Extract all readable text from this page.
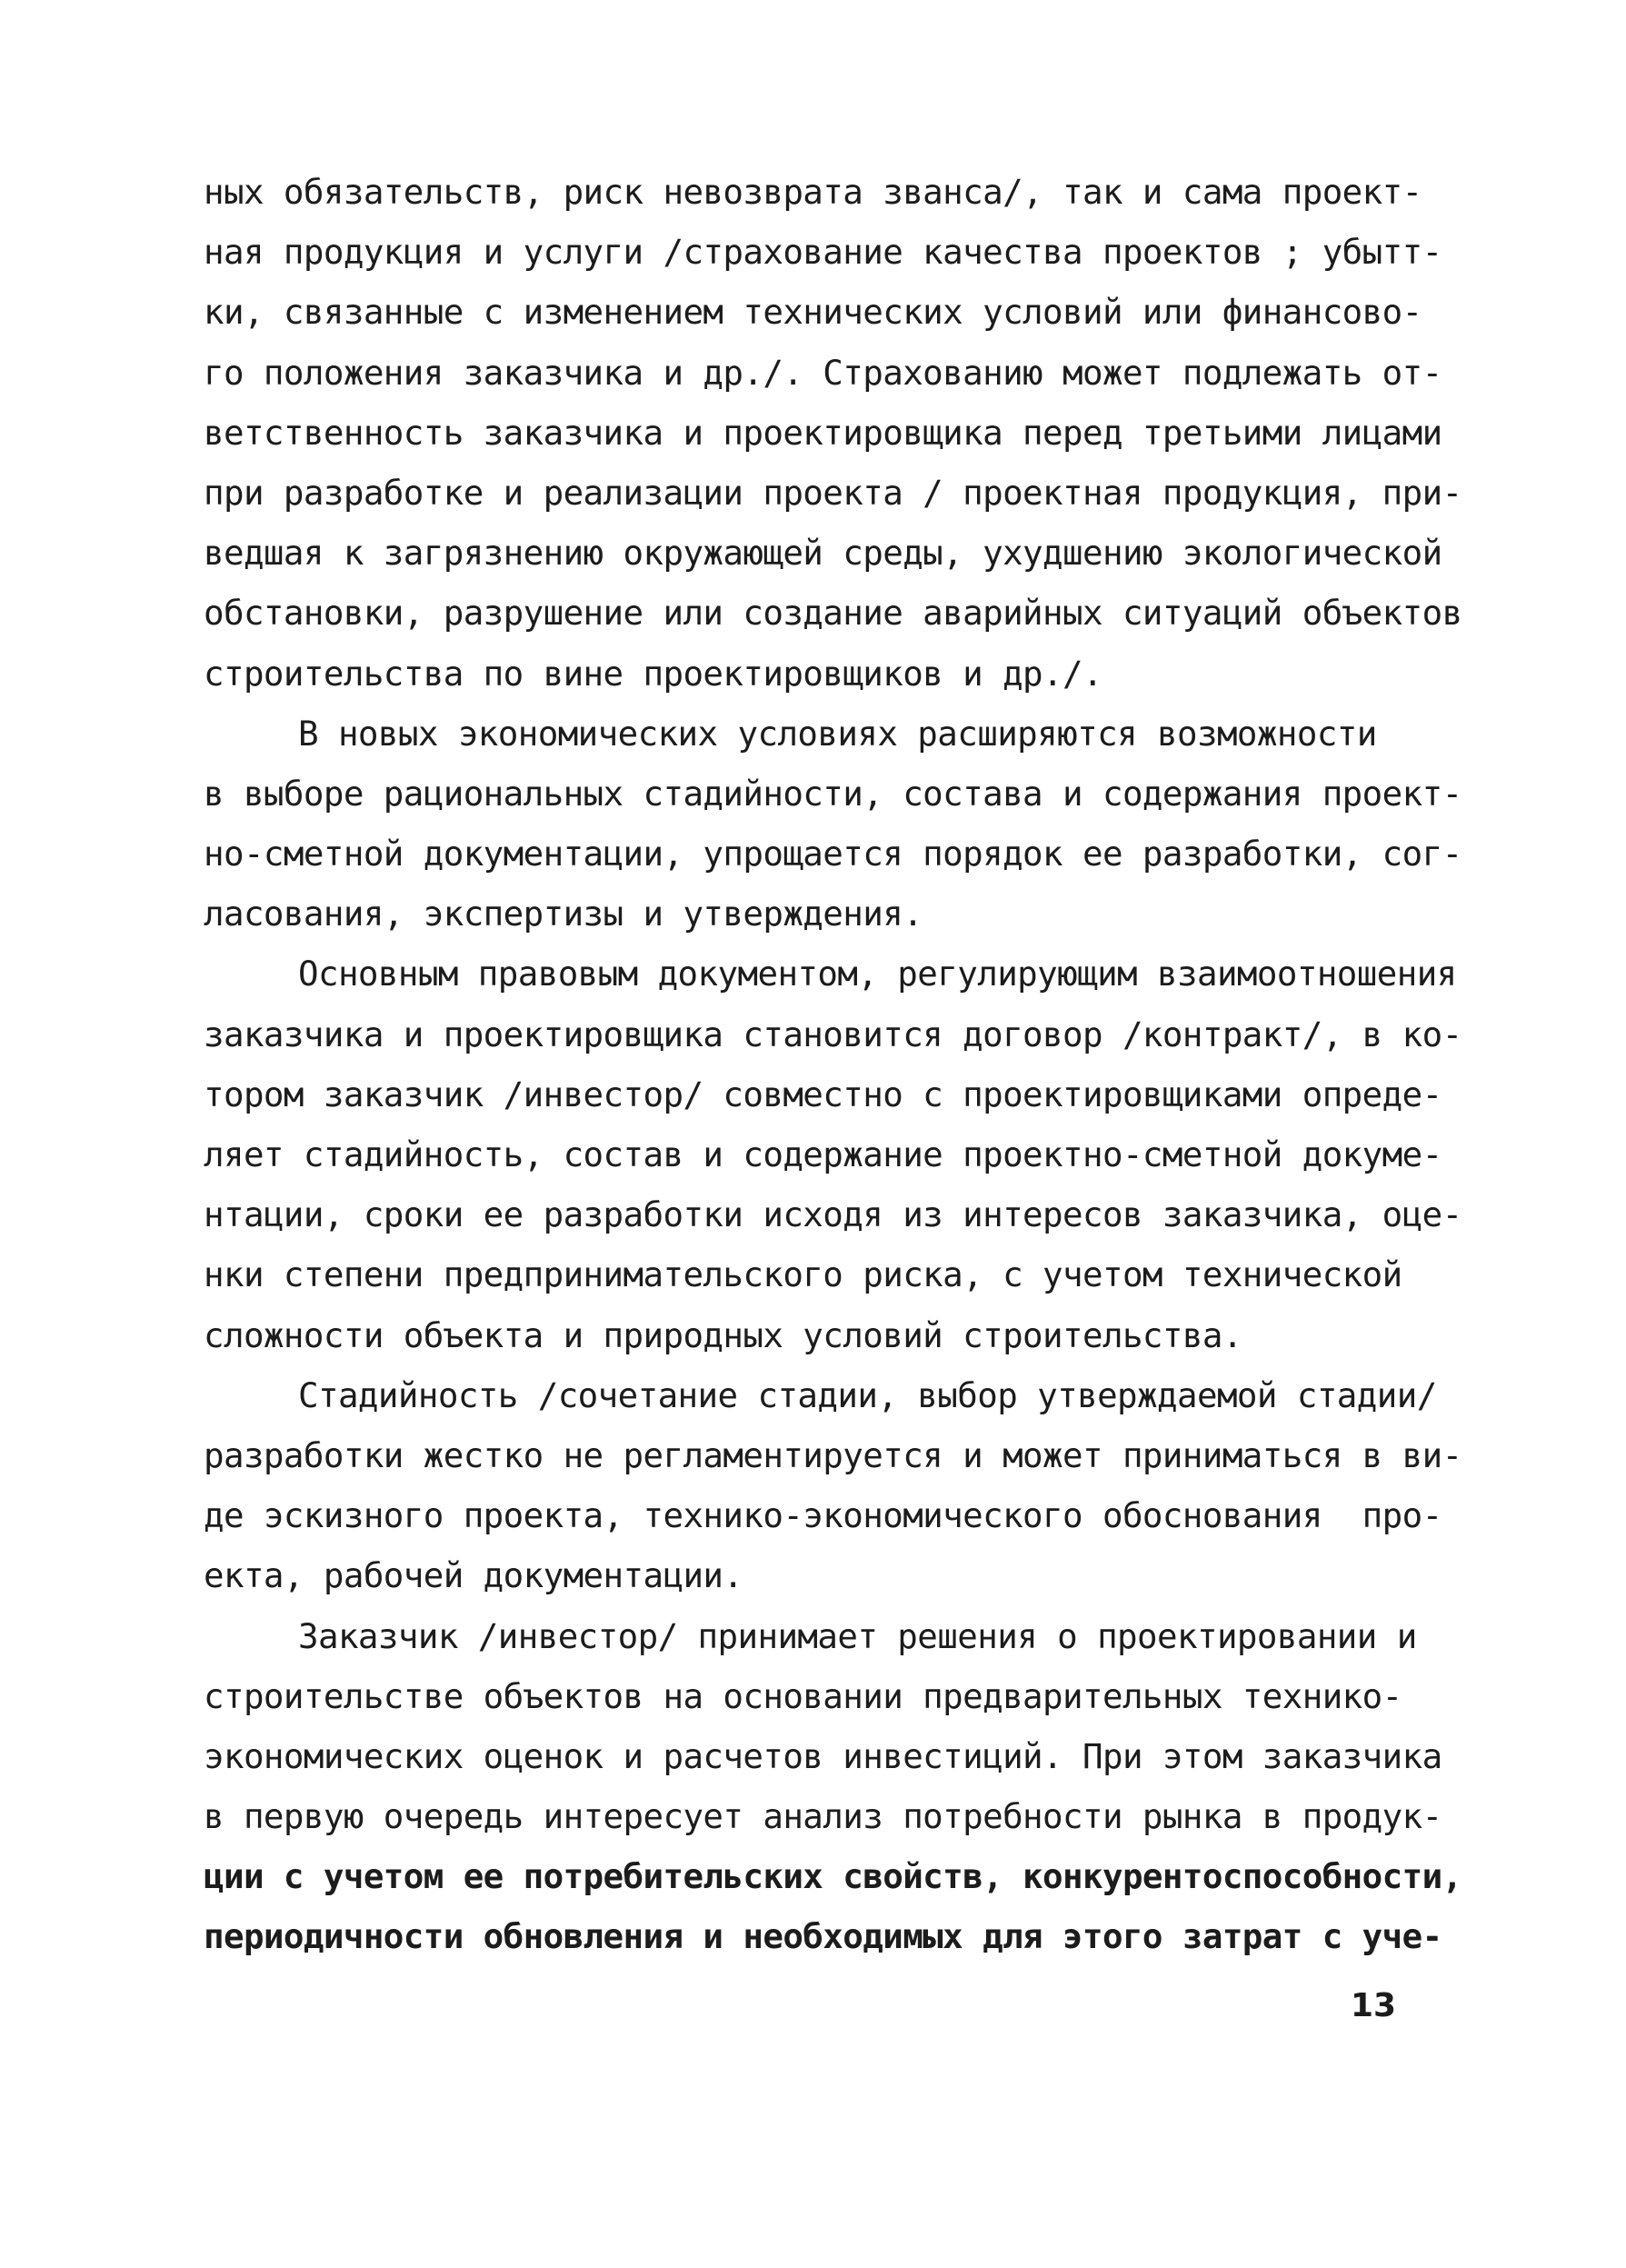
ных обязательств, риск невозврата званса/, так и сама проект-
ная продукция и услуги /страхование качества проектов ; убытт-
ки, связанные с изменением технических условий или финансово-
го положения заказчика и др./. Страхованию может подлежать от-
ветственность заказчика и проектировщика перед третьими лицами
при разработке и реализации проекта / проектная продукция, при-
ведшая к загрязнению окружающей среды, ухудшению экологической
обстановки, разрушение или создание аварийных ситуаций объектов
строительства по вине проектировщиков и др./.
В новых экономических условиях расширяются возможности
в выборе рациональных стадийности, состава и содержания проект-
но-сметной документации, упрощается порядок ее разработки, сог-
ласования, экспертизы и утверждения.
Основным правовым документом, регулирующим взаимоотношения
заказчика и проектировщика становится договор /контракт/, в ко-
тором заказчик /инвестор/ совместно с проектировщиками опреде-
ляет стадийность, состав и содержание проектно-сметной докуме-
нтации, сроки ее разработки исходя из интересов заказчика, оце-
нки степени предпринимательского риска, с учетом технической
сложности объекта и природных условий строительства.
Стадийность /сочетание стадии, выбор утверждаемой стадии/
разработки жестко не регламентируется и может приниматься в ви-
де эскизного проекта, технико-экономического обоснования  про-
екта, рабочей документации.
Заказчик /инвестор/ принимает решения о проектировании и
строительстве объектов на основании предварительных технико-
экономических оценок и расчетов инвестиций. При этом заказчика
в первую очередь интересует анализ потребности рынка в продук-
ции с учетом ее потребительских свойств, конкурентоспособности,
периодичности обновления и необходимых для этого затрат с уче-
13
